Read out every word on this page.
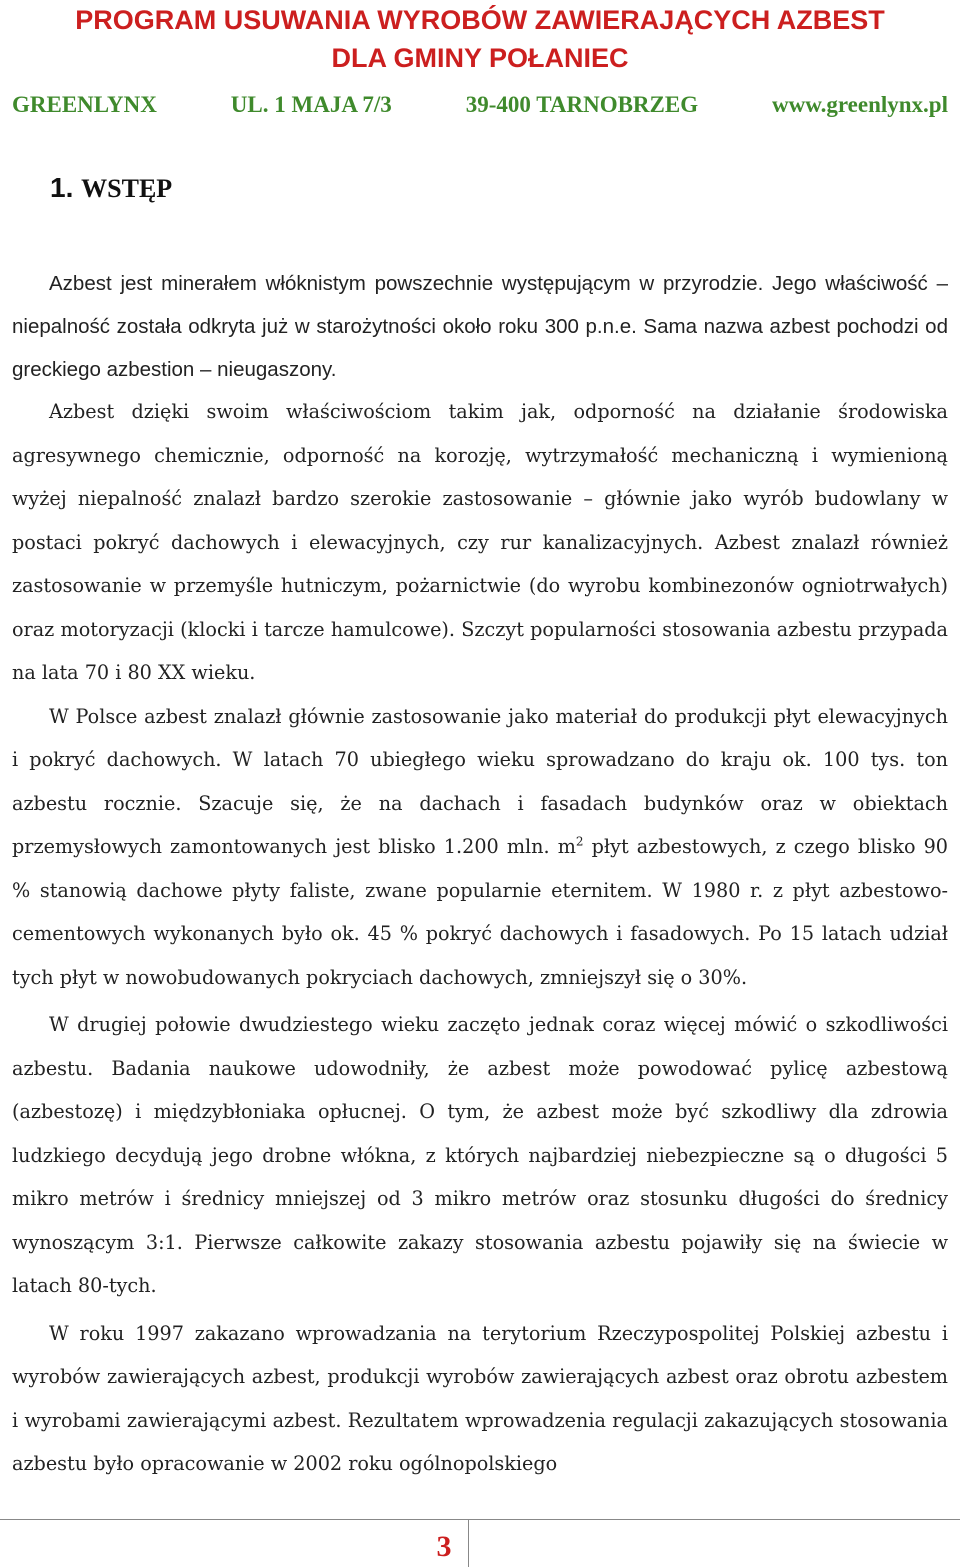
PROGRAM USUWANIA WYROBÓW ZAWIERAJĄCYCH AZBEST
DLA GMINY POŁANIEC
GREENLYNX	UL. 1 MAJA 7/3	39-400 TARNOBRZEG	www.greenlynx.pl
1. WSTĘP

Azbest jest minerałem włóknistym powszechnie występującym w przyrodzie. Jego właściwość – niepalność została odkryta już w starożytności około roku 300 p.n.e. Sama nazwa azbest pochodzi od greckiego azbestion – nieugaszony.

Azbest dzięki swoim właściwościom takim jak, odporność na działanie środowiska agresywnego chemicznie, odporność na korozję, wytrzymałość mechaniczną i wymienioną wyżej niepalność znalazł bardzo szerokie zastosowanie – głównie jako wyrób budowlany w postaci pokryć dachowych i elewacyjnych, czy rur kanalizacyjnych. Azbest znalazł również zastosowanie w przemyśle hutniczym, pożarnictwie (do wyrobu kombinezonów ogniotrwałych) oraz motoryzacji (klocki i tarcze hamulcowe). Szczyt popularności stosowania azbestu przypada na lata 70 i 80 XX wieku.

W Polsce azbest znalazł głównie zastosowanie jako materiał do produkcji płyt elewacyjnych i pokryć dachowych. W latach 70 ubiegłego wieku sprowadzano do kraju ok. 100 tys. ton azbestu rocznie. Szacuje się, że na dachach i fasadach budynków oraz w obiektach przemysłowych zamontowanych jest blisko 1.200 mln. $m^2$ płyt azbestowych, z czego blisko 90 % stanowią dachowe płyty faliste, zwane popularnie eternitem. W 1980 r. z płyt azbestowo-cementowych wykonanych było ok. 45 % pokryć dachowych i fasadowych. Po 15 latach udział tych płyt w nowobudowanych pokryciach dachowych, zmniejszył się o 30%.

W drugiej połowie dwudziestego wieku zaczęto jednak coraz więcej mówić o szkodliwości azbestu. Badania naukowe udowodniły, że azbest może powodować pylicę azbestową (azbestozę) i międzybłoniaka opłucnej. O tym, że azbest może być szkodliwy dla zdrowia ludzkiego decydują jego drobne włókna, z których najbardziej niebezpieczne są o długości 5 mikro metrów i średnicy mniejszej od 3 mikro metrów oraz stosunku długości do średnicy wynoszącym 3:1. Pierwsze całkowite zakazy stosowania azbestu pojawiły się na świecie w latach 80-tych.

W roku 1997 zakazano wprowadzania na terytorium Rzeczypospolitej Polskiej azbestu i wyrobów zawierających azbest, produkcji wyrobów zawierających azbest oraz obrotu azbestem i wyrobami zawierającymi azbest. Rezultatem wprowadzenia regulacji zakazujących stosowania azbestu było opracowanie w 2002 roku ogólnopolskiego

3
